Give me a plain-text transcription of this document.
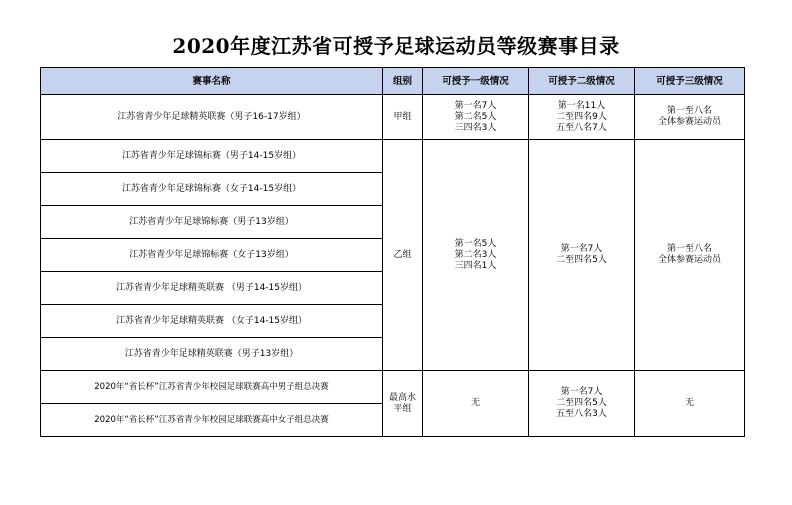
2020年度江苏省可授予足球运动员等级赛事目录
赛事名称	组别	可授予一级情况	可授予二级情况	可授予三级情况
江苏省青少年足球精英联赛（男子16-17岁组）	甲组	第一名7人
第二名5人
三四名3人	第一名11人
二至四名9人
五至八名7人	第一至八名
全体参赛运动员

江苏省青少年足球锦标赛（男子14-15岁组）	乙组	第一名5人
第二名3人
三四名1人	第一名7人
二至四名5人	第一至八名
全体参赛运动员

江苏省青少年足球锦标赛（女子14-15岁组）				
江苏省青少年足球锦标赛（男子13岁组）				
江苏省青少年足球锦标赛（女子13岁组）				
江苏省青少年足球精英联赛 （男子14-15岁组）				
江苏省青少年足球精英联赛 （女子14-15岁组）				
江苏省青少年足球精英联赛（男子13岁组）				
2020年“省长杯”江苏省青少年校园足球联赛高中男子组总决赛	最高水
平组	无	第一名7人
二至四名5人
五至八名3人	无
2020年“省长杯”江苏省青少年校园足球联赛高中女子组总决赛				
